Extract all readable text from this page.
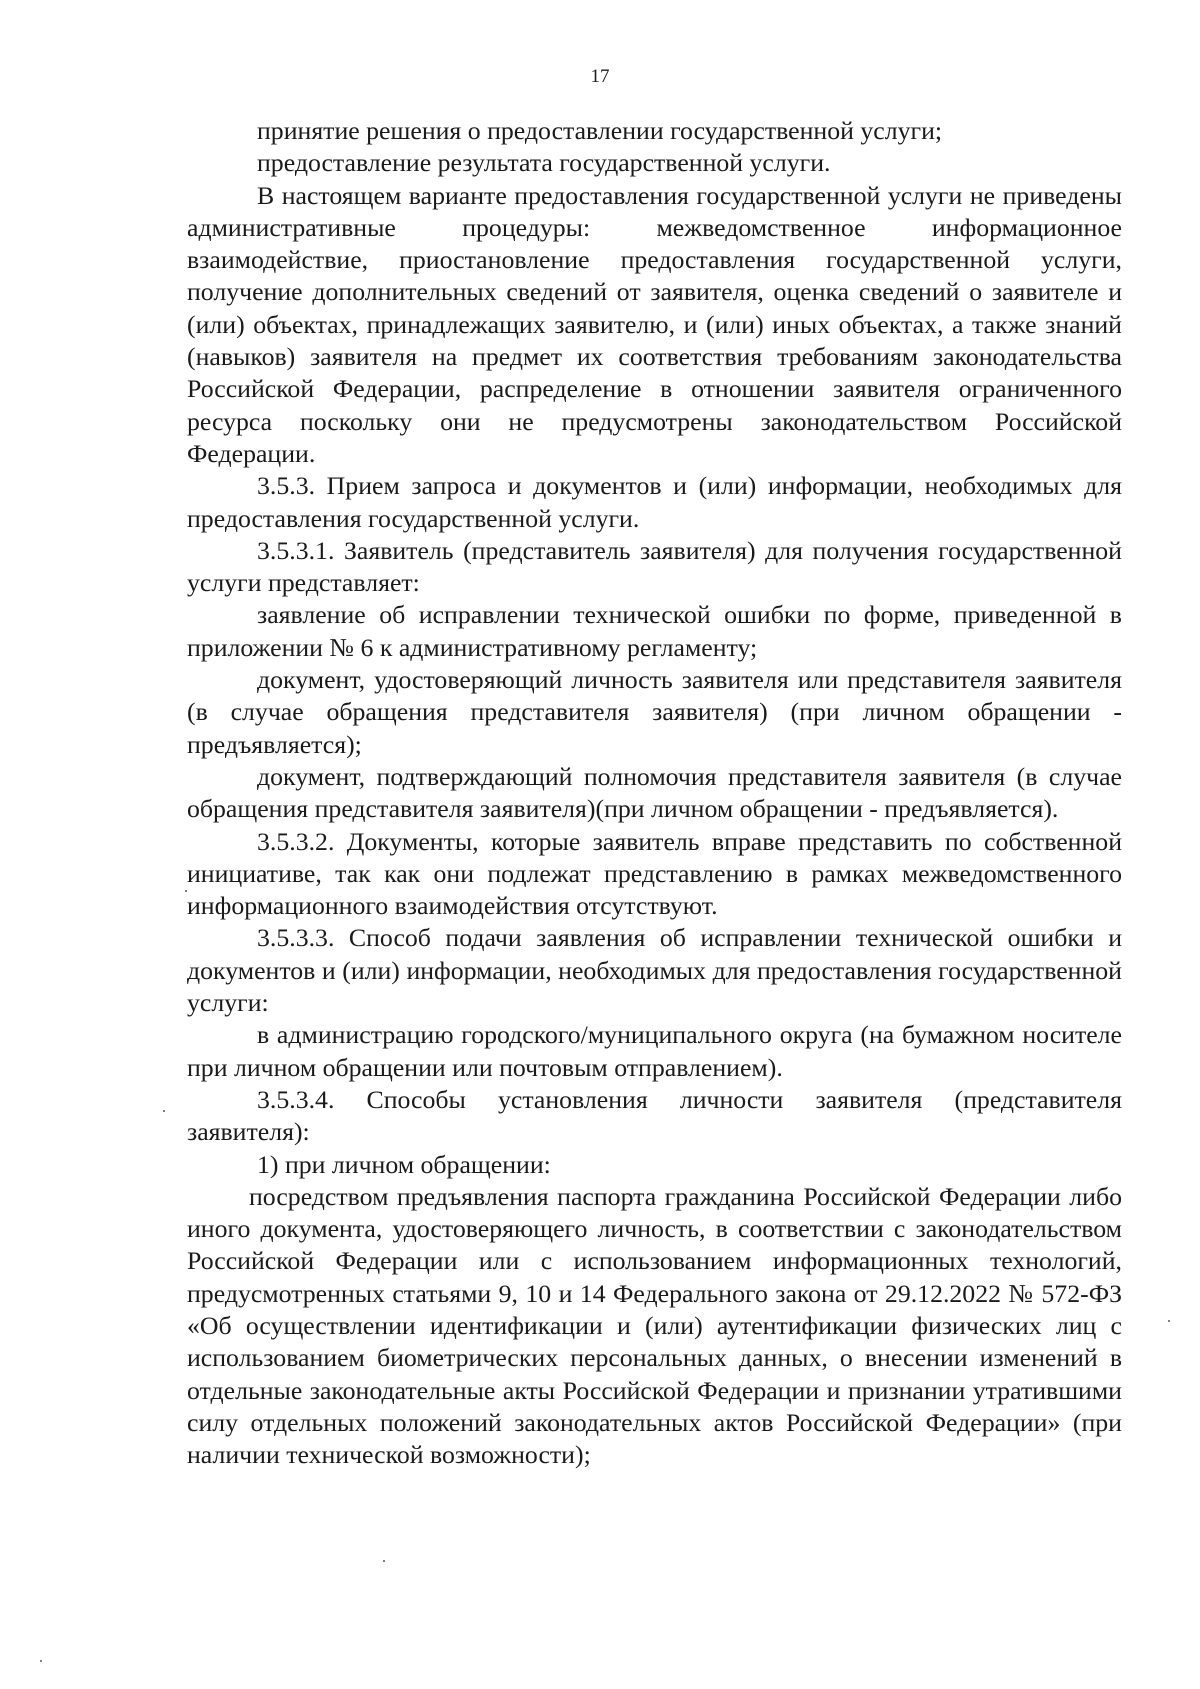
17

принятие решения о предоставлении государственной услуги;

предоставление результата государственной услуги.

В настоящем варианте предоставления государственной услуги не приведены административные процедуры: межведомственное информационное взаимодействие, приостановление предоставления государственной услуги, получение дополнительных сведений от заявителя, оценка сведений о заявителе и (или) объектах, принадлежащих заявителю, и (или) иных объектах, а также знаний (навыков) заявителя на предмет их соответствия требованиям законодательства Российской Федерации, распределение в отношении заявителя ограниченного ресурса поскольку они не предусмотрены законодательством Российской Федерации.

3.5.3. Прием запроса и документов и (или) информации, необходимых для предоставления государственной услуги.

3.5.3.1. Заявитель (представитель заявителя) для получения государственной услуги представляет:

заявление об исправлении технической ошибки по форме, приведенной в приложении № 6 к административному регламенту;

документ, удостоверяющий личность заявителя или представителя заявителя (в случае обращения представителя заявителя) (при личном обращении - предъявляется);

документ, подтверждающий полномочия представителя заявителя (в случае обращения представителя заявителя)(при личном обращении - предъявляется).

3.5.3.2. Документы, которые заявитель вправе представить по собственной инициативе, так как они подлежат представлению в рамках межведомственного информационного взаимодействия отсутствуют.

3.5.3.3. Способ подачи заявления об исправлении технической ошибки и документов и (или) информации, необходимых для предоставления государственной услуги:

в администрацию городского/муниципального округа (на бумажном носителе при личном обращении или почтовым отправлением).

3.5.3.4. Способы установления личности заявителя (представителя заявителя):

1) при личном обращении:

посредством предъявления паспорта гражданина Российской Федерации либо иного документа, удостоверяющего личность, в соответствии с законодательством Российской Федерации или с использованием информационных технологий, предусмотренных статьями 9, 10 и 14 Федерального закона от 29.12.2022 № 572-ФЗ «Об осуществлении идентификации и (или) аутентификации физических лиц с использованием биометрических персональных данных, о внесении изменений в отдельные законодательные акты Российской Федерации и признании утратившими силу отдельных положений законодательных актов Российской Федерации» (при наличии технической возможности);
